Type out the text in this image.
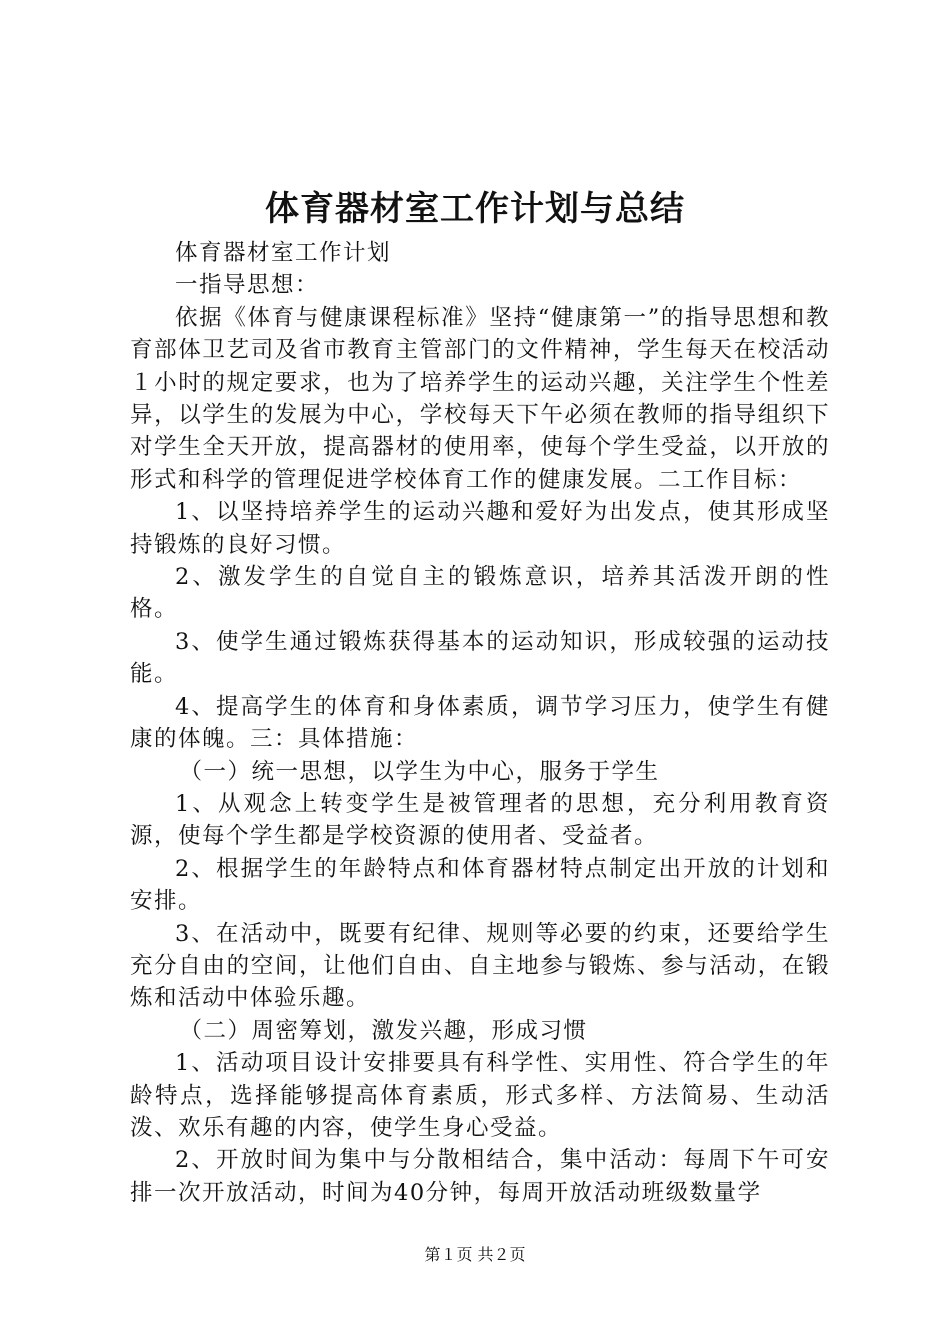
体育器材室工作计划与总结

体育器材室工作计划

一指导思想：

依据《体育与健康课程标准》坚持“健康第一”的指导思想和教育部体卫艺司及省市教育主管部门的文件精神，学生每天在校活动１小时的规定要求，也为了培养学生的运动兴趣，关注学生个性差异，以学生的发展为中心，学校每天下午必须在教师的指导组织下对学生全天开放，提高器材的使用率，使每个学生受益，以开放的形式和科学的管理促进学校体育工作的健康发展。二工作目标：

1、以坚持培养学生的运动兴趣和爱好为出发点，使其形成坚持锻炼的良好习惯。

2、激发学生的自觉自主的锻炼意识，培养其活泼开朗的性格。

3、使学生通过锻炼获得基本的运动知识，形成较强的运动技能。

4、提高学生的体育和身体素质，调节学习压力，使学生有健康的体魄。三：具体措施：

（一）统一思想，以学生为中心，服务于学生

1、从观念上转变学生是被管理者的思想，充分利用教育资源，使每个学生都是学校资源的使用者、受益者。

2、根据学生的年龄特点和体育器材特点制定出开放的计划和安排。

3、在活动中，既要有纪律、规则等必要的约束，还要给学生充分自由的空间，让他们自由、自主地参与锻炼、参与活动，在锻炼和活动中体验乐趣。

（二）周密筹划，激发兴趣，形成习惯

1、活动项目设计安排要具有科学性、实用性、符合学生的年龄特点，选择能够提高体育素质，形式多样、方法简易、生动活泼、欢乐有趣的内容，使学生身心受益。

2、开放时间为集中与分散相结合，集中活动：每周下午可安排一次开放活动，时间为40分钟，每周开放活动班级数量学

第１页 共２页
